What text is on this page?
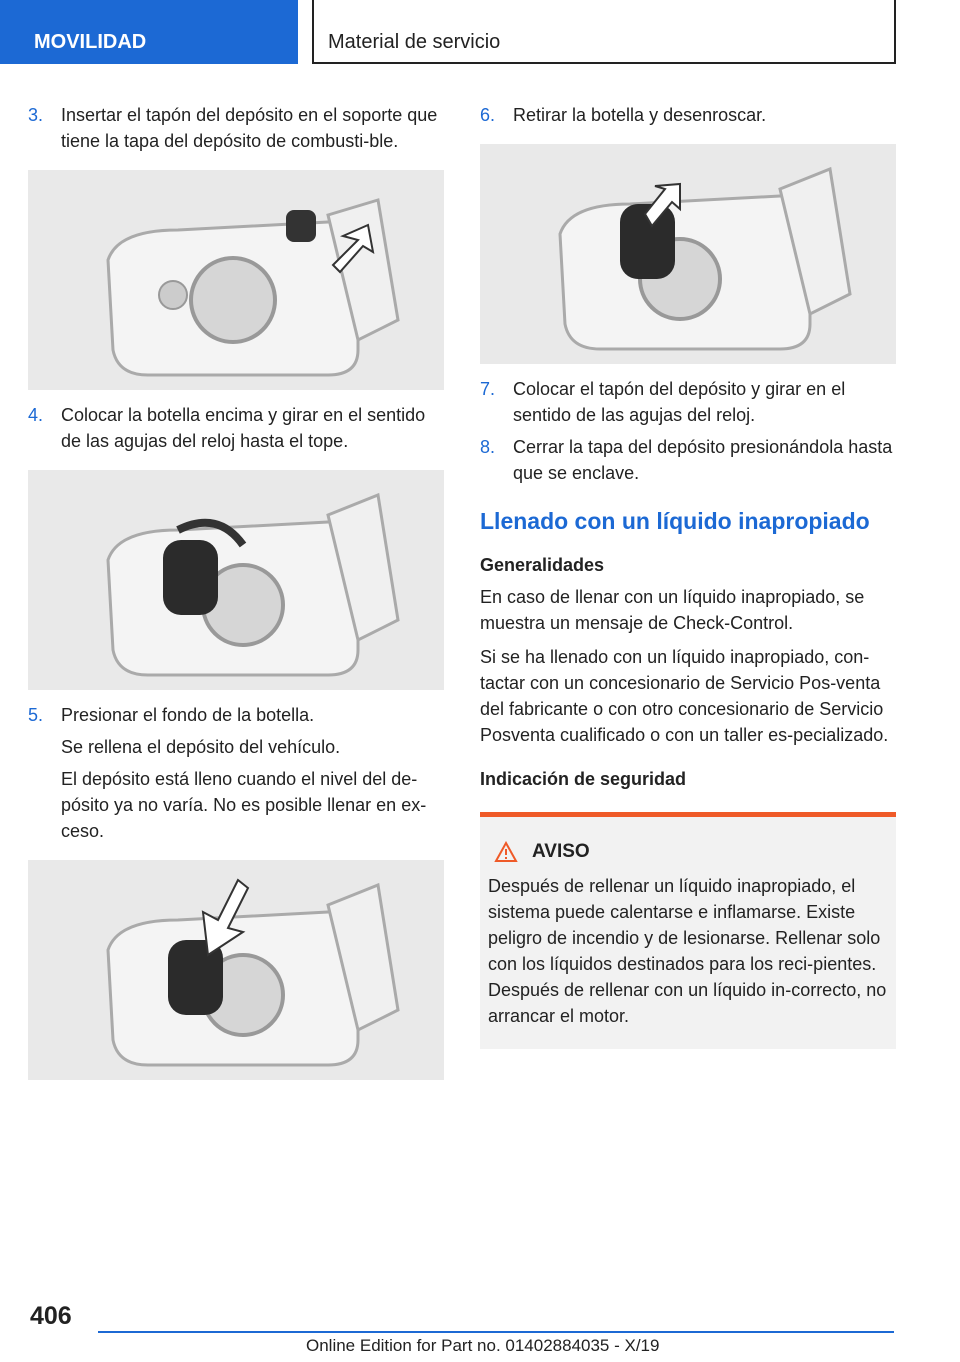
MOVILIDAD	Material de servicio
3. Insertar el tapón del depósito en el soporte que tiene la tapa del depósito de combusti-ble.
4. Colocar la botella encima y girar en el sentido de las agujas del reloj hasta el tope.
5. Presionar el fondo de la botella.
Se rellena el depósito del vehículo.
El depósito está lleno cuando el nivel del de-pósito ya no varía. No es posible llenar en ex-ceso.
6. Retirar la botella y desenroscar.
7. Colocar el tapón del depósito y girar en el sentido de las agujas del reloj.
8. Cerrar la tapa del depósito presionándola hasta que se enclave.
Llenado con un líquido inapropiado
Generalidades

En caso de llenar con un líquido inapropiado, se muestra un mensaje de Check-Control.

Si se ha llenado con un líquido inapropiado, con-tactar con un concesionario de Servicio Pos-venta del fabricante o con otro concesionario de Servicio Posventa cualificado o con un taller es-pecializado.

Indicación de seguridad
AVISO
Después de rellenar un líquido inapropiado, el sistema puede calentarse e inflamarse. Existe peligro de incendio y de lesionarse. Rellenar solo con los líquidos destinados para los reci-pientes. Después de rellenar con un líquido in-correcto, no arrancar el motor.
406
Online Edition for Part no. 01402884035 - X/19
